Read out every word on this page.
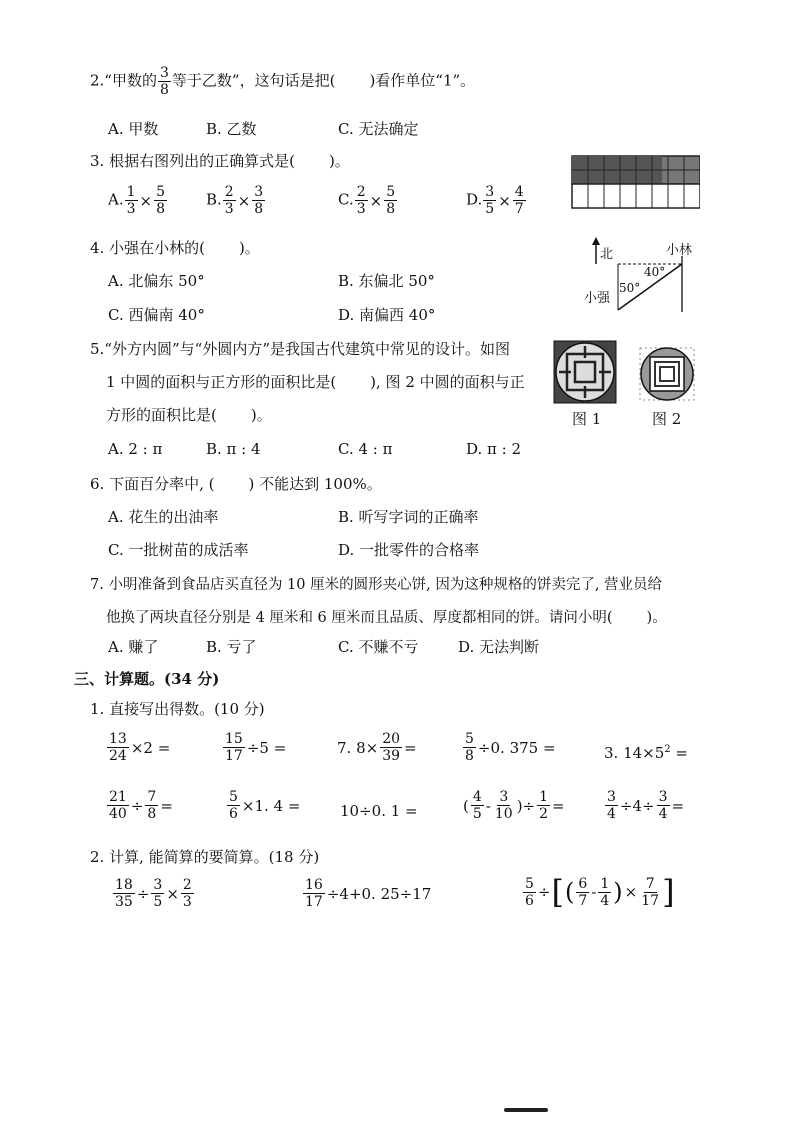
2.“甲数的 $\frac{3}{8}$ 等于乙数”，这句话是把( )看作单位“1”。
A. 甲数	B. 乙数	C. 无法确定
3. 根据右图列出的正确算式是( )。
A. $\frac{1}{3} \times \frac{5}{8}$	B. $\frac{2}{3} \times \frac{3}{8}$	C. $\frac{2}{3} \times \frac{5}{8}$	D. $\frac{3}{5} \times \frac{4}{7}$
4. 小强在小林的( )。
A. 北偏东 50°	B. 东偏北 50°
C. 西偏南 40°	D. 南偏西 40°
北	小林
40°
50°
小强
5.“外方内圆”与“外圆内方”是我国古代建筑中常见的设计。如图
1 中圆的面积与正方形的面积比是( ), 图 2 中圆的面积与正
方形的面积比是( )。
A. 2 : π	B. π : 4	C. 4 : π	D. π : 2
图 1	图 2
6. 下面百分率中, ( ) 不能达到 100%。
A. 花生的出油率	B. 听写字词的正确率
C. 一批树苗的成活率	D. 一批零件的合格率
7. 小明准备到食品店买直径为 10 厘米的圆形夹心饼, 因为这种规格的饼卖完了, 营业员给
他换了两块直径分别是 4 厘米和 6 厘米而且品质、厚度都相同的饼。请问小明( )。
A. 赚了	B. 亏了	C. 不赚不亏	D. 无法判断
三、计算题。(34 分)
1. 直接写出得数。(10 分)
$\frac{13}{24} \times 2$ =	$\frac{15}{17} \div 5$ =	7. $8\times \frac{20}{39}$ =	$\frac{5}{8} \div 0$. 375 =	3. $14\times 5^2$ =
$\frac{21}{40} \div \frac{7}{8}$ =	$\frac{5}{6} \times 1$. 4 =	10÷0. 1 =	( $\frac{4}{5} - \frac{3}{10}$ )÷ $\frac{1}{2}$ =	$\frac{3}{4} \div 4\div \frac{3}{4}$ =
2. 计算, 能简算的要简算。(18 分)
$\frac{18}{35} \div \frac{3}{5} \times \frac{2}{3}$	$\frac{16}{17} \div 4+0$. 25÷17	$\frac{5}{6}$ ÷[( $\frac{6}{7} - \frac{1}{4}$ ) × $\frac{7}{17}$ ]
